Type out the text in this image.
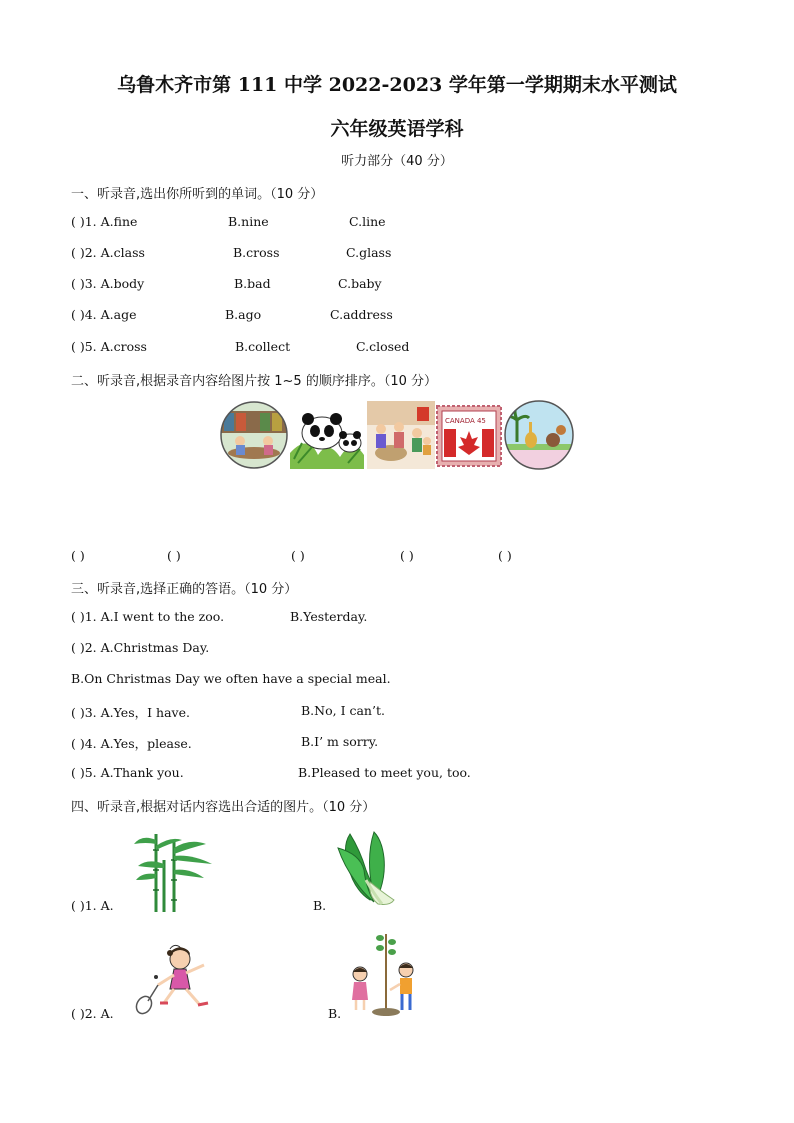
乌鲁木齐市第 111 中学 2022-2023 学年第一学期期末水平测试
六年级英语学科
听力部分（40 分）
一、听录音,选出你所听到的单词。（10 分）
( )1. A.fine	B.nine	C.line
( )2. A.class	B.cross	C.glass
( )3. A.body	B.bad	C.baby
( )4. A.age	B.ago	C.address
( )5. A.cross	B.collect	C.closed
二、听录音,根据录音内容给图片按 1~5 的顺序排序。（10 分）
CANADA 45
( )	( )	( )	( )	( )
三、听录音,选择正确的答语。（10 分）
( )1. A.I went to the zoo.	B.Yesterday.
( )2. A.Christmas Day.
B.On Christmas Day we often have a special meal.
( )3. A.Yes，I have.	B.No, I can’t.
( )4. A.Yes，please.	B.I’ m sorry.
( )5. A.Thank you.	B.Pleased to meet you, too.
四、听录音,根据对话内容选出合适的图片。（10 分）
( )1. A.	B.
( )2. A.	B.
